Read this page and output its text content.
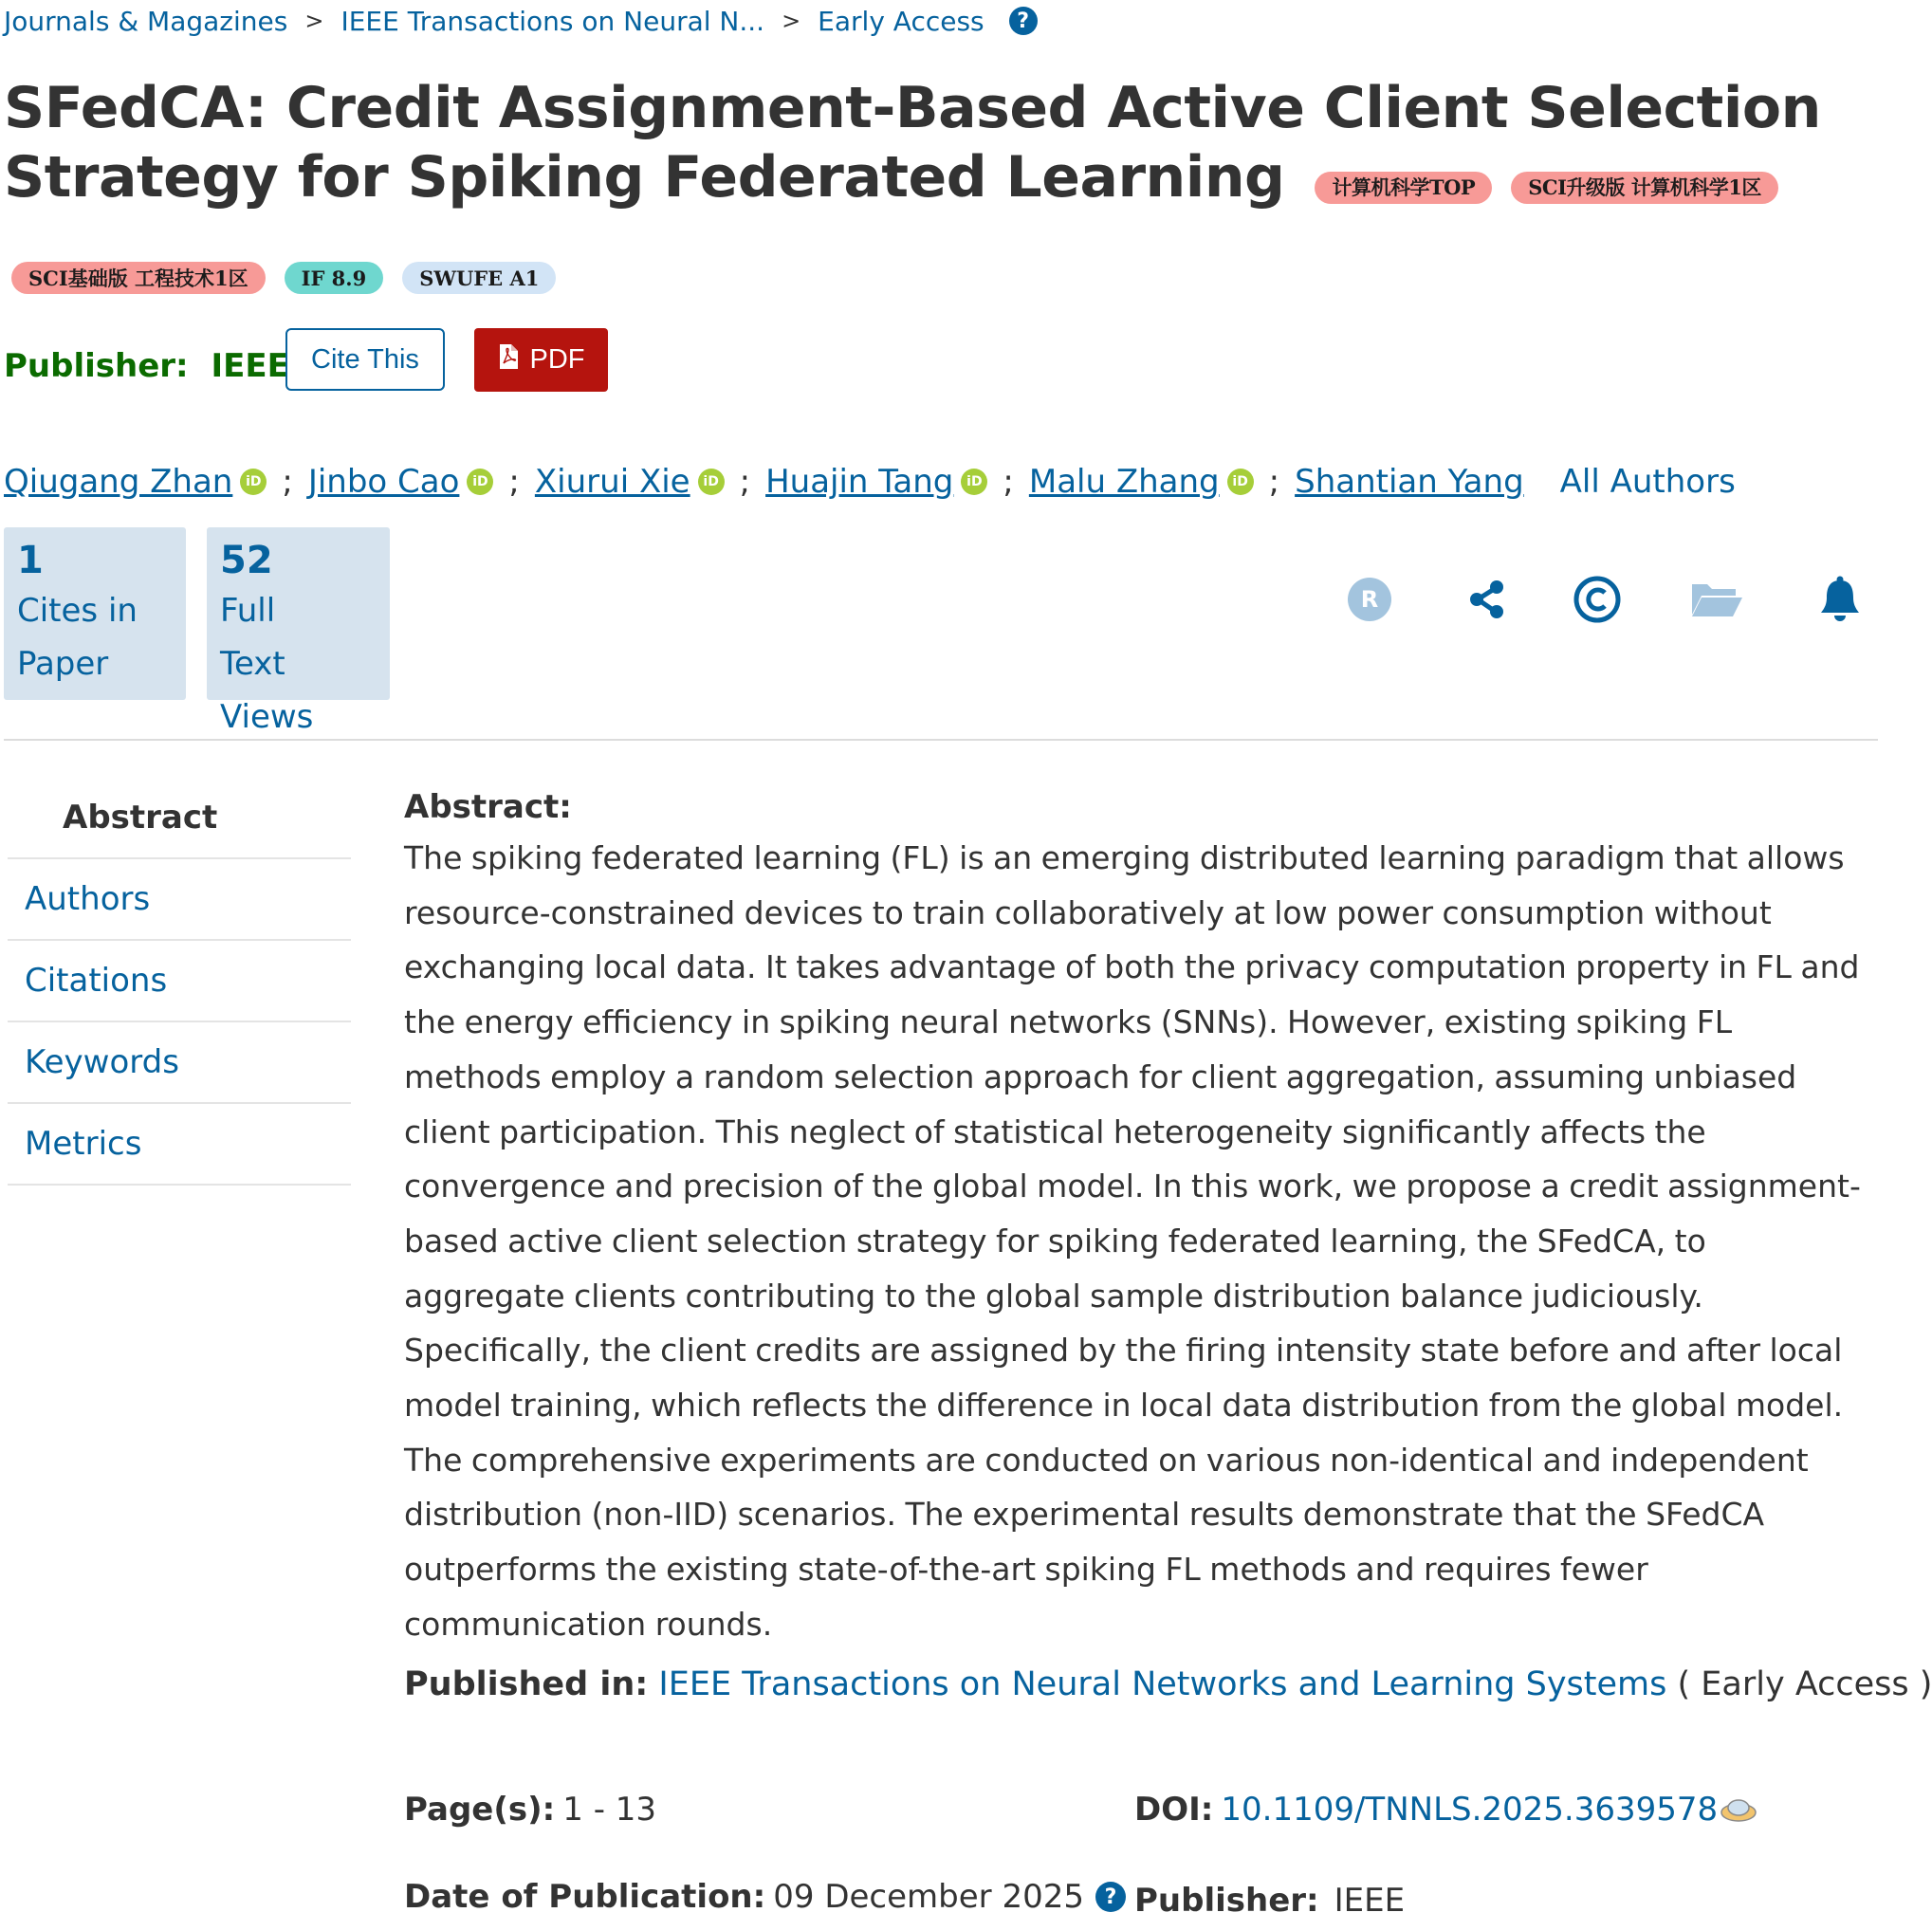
Journals & Magazines > IEEE Transactions on Neural N... > Early Access	?
SFedCA: Credit Assignment-Based Active Client Selection
Strategy for Spiking Federated Learning	计算机科学TOP	SCI升级版 计算机科学1区
SCI基础版 工程技术1区	IF 8.9	SWUFE A1
Publisher: IEEE Cite This	PDF
Qiugang Zhan iD ; Jinbo Cao iD ; Xiurui Xie iD ; Huajin Tang iD ; Malu Zhang iD ; Shantian Yang All Authors
1
Cites in
Paper
52
Full
Text Views
R
Abstract
Authors
Citations
Keywords
Metrics
Abstract:
The spiking federated learning (FL) is an emerging distributed learning paradigm that allows resource-constrained devices to train collaboratively at low power consumption without exchanging local data. It takes advantage of both the privacy computation property in FL and the energy efficiency in spiking neural networks (SNNs). However, existing spiking FL methods employ a random selection approach for client aggregation, assuming unbiased client participation. This neglect of statistical heterogeneity significantly affects the convergence and precision of the global model. In this work, we propose a credit assignment-based active client selection strategy for spiking federated learning, the SFedCA, to aggregate clients contributing to the global sample distribution balance judiciously. Specifically, the client credits are assigned by the firing intensity state before and after local model training, which reflects the difference in local data distribution from the global model. The comprehensive experiments are conducted on various non-identical and independent distribution (non-IID) scenarios. The experimental results demonstrate that the SFedCA outperforms the existing state-of-the-art spiking FL methods and requires fewer communication rounds.
Published in: IEEE Transactions on Neural Networks and Learning Systems ( Early Access )
Page(s): 1 - 13	DOI: 10.1109/TNNLS.2025.3639578
Date of Publication: 09 December 2025 ? Publisher: IEEE
